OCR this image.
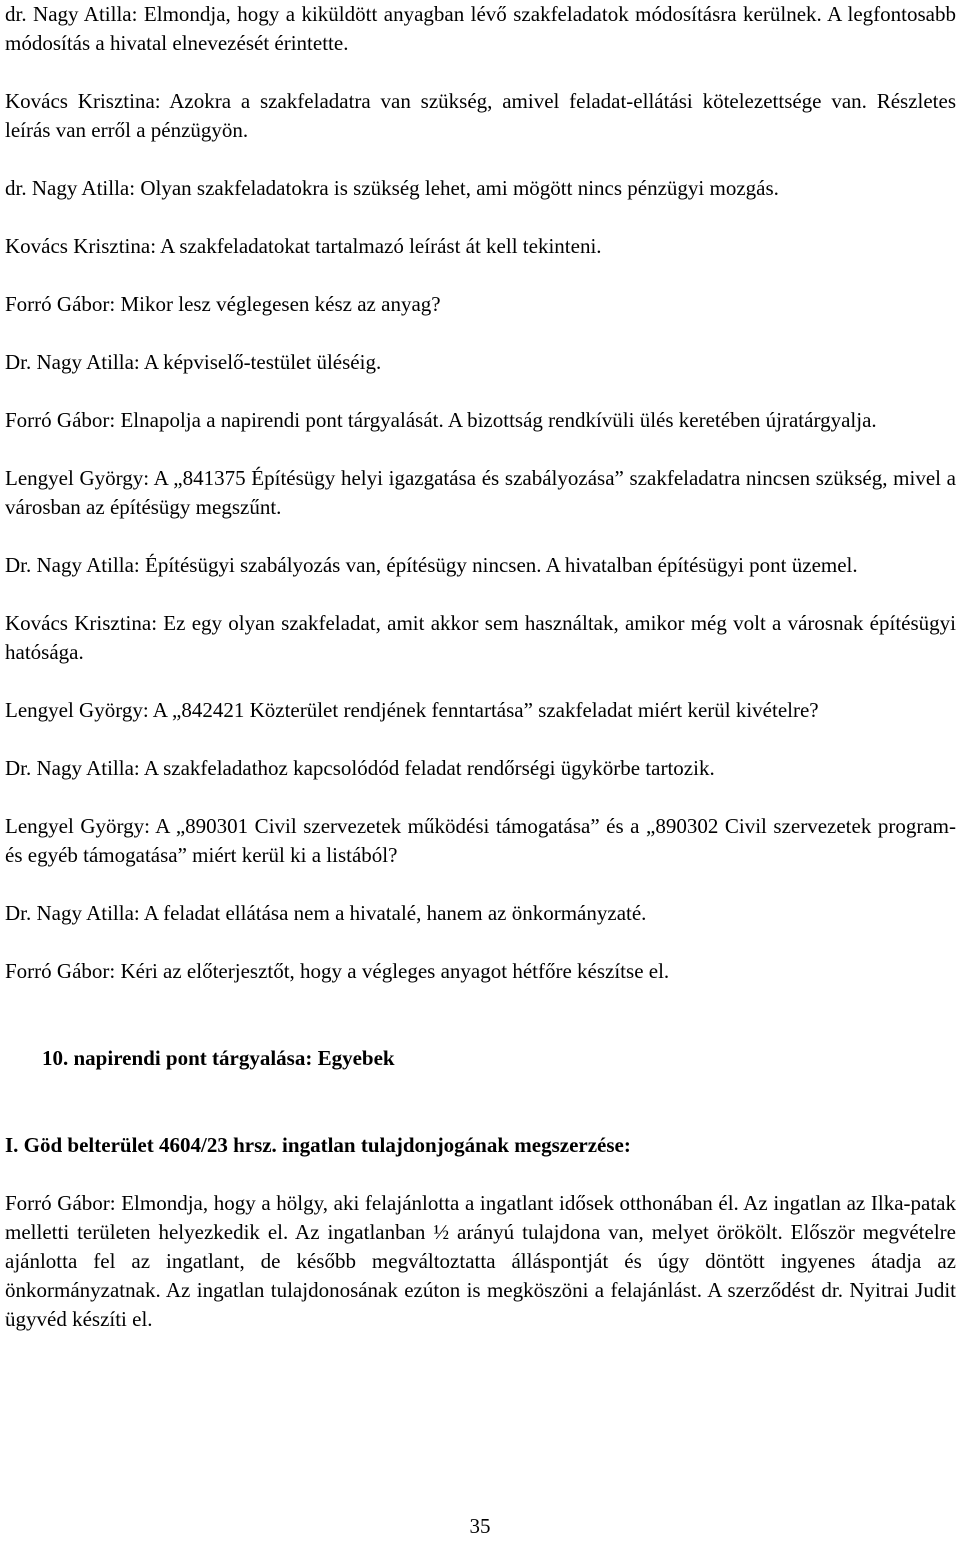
dr. Nagy Atilla: Elmondja, hogy a kiküldött anyagban lévő szakfeladatok módosításra kerülnek. A legfontosabb módosítás a hivatal elnevezését érintette.

Kovács Krisztina: Azokra a szakfeladatra van szükség, amivel feladat-ellátási kötelezettsége van. Részletes leírás van erről a pénzügyön.

dr. Nagy Atilla: Olyan szakfeladatokra is szükség lehet, ami mögött nincs pénzügyi mozgás.

Kovács Krisztina: A szakfeladatokat tartalmazó leírást át kell tekinteni.

Forró Gábor: Mikor lesz véglegesen kész az anyag?

Dr. Nagy Atilla: A képviselő-testület üléséig.

Forró Gábor: Elnapolja a napirendi pont tárgyalását. A bizottság rendkívüli ülés keretében újratárgyalja.

Lengyel György: A „841375 Építésügy helyi igazgatása és szabályozása” szakfeladatra nincsen szükség, mivel a városban az építésügy megszűnt.

Dr. Nagy Atilla: Építésügyi szabályozás van, építésügy nincsen. A hivatalban építésügyi pont üzemel.

Kovács Krisztina: Ez egy olyan szakfeladat, amit akkor sem használtak, amikor még volt a városnak építésügyi hatósága.

Lengyel György: A „842421 Közterület rendjének fenntartása” szakfeladat miért kerül kivételre?

Dr. Nagy Atilla: A szakfeladathoz kapcsolódód feladat rendőrségi ügykörbe tartozik.

Lengyel György: A „890301 Civil szervezetek működési támogatása” és a „890302 Civil szervezetek program-és egyéb támogatása” miért kerül ki a listából?

Dr. Nagy Atilla: A feladat ellátása nem a hivatalé, hanem az önkormányzaté.

Forró Gábor: Kéri az előterjesztőt, hogy a végleges anyagot hétfőre készítse el.

10. napirendi pont tárgyalása: Egyebek
I. Göd belterület 4604/23 hrsz. ingatlan tulajdonjogának megszerzése:

Forró Gábor: Elmondja, hogy a hölgy, aki felajánlotta a ingatlant idősek otthonában él. Az ingatlan az Ilka-patak melletti területen helyezkedik el. Az ingatlanban ½ arányú tulajdona van, melyet örökölt. Először megvételre ajánlotta fel az ingatlant, de később megváltoztatta álláspontját és úgy döntött ingyenes átadja az önkormányzatnak. Az ingatlan tulajdonosának ezúton is megköszöni a felajánlást. A szerződést dr. Nyitrai Judit ügyvéd készíti el.

35
